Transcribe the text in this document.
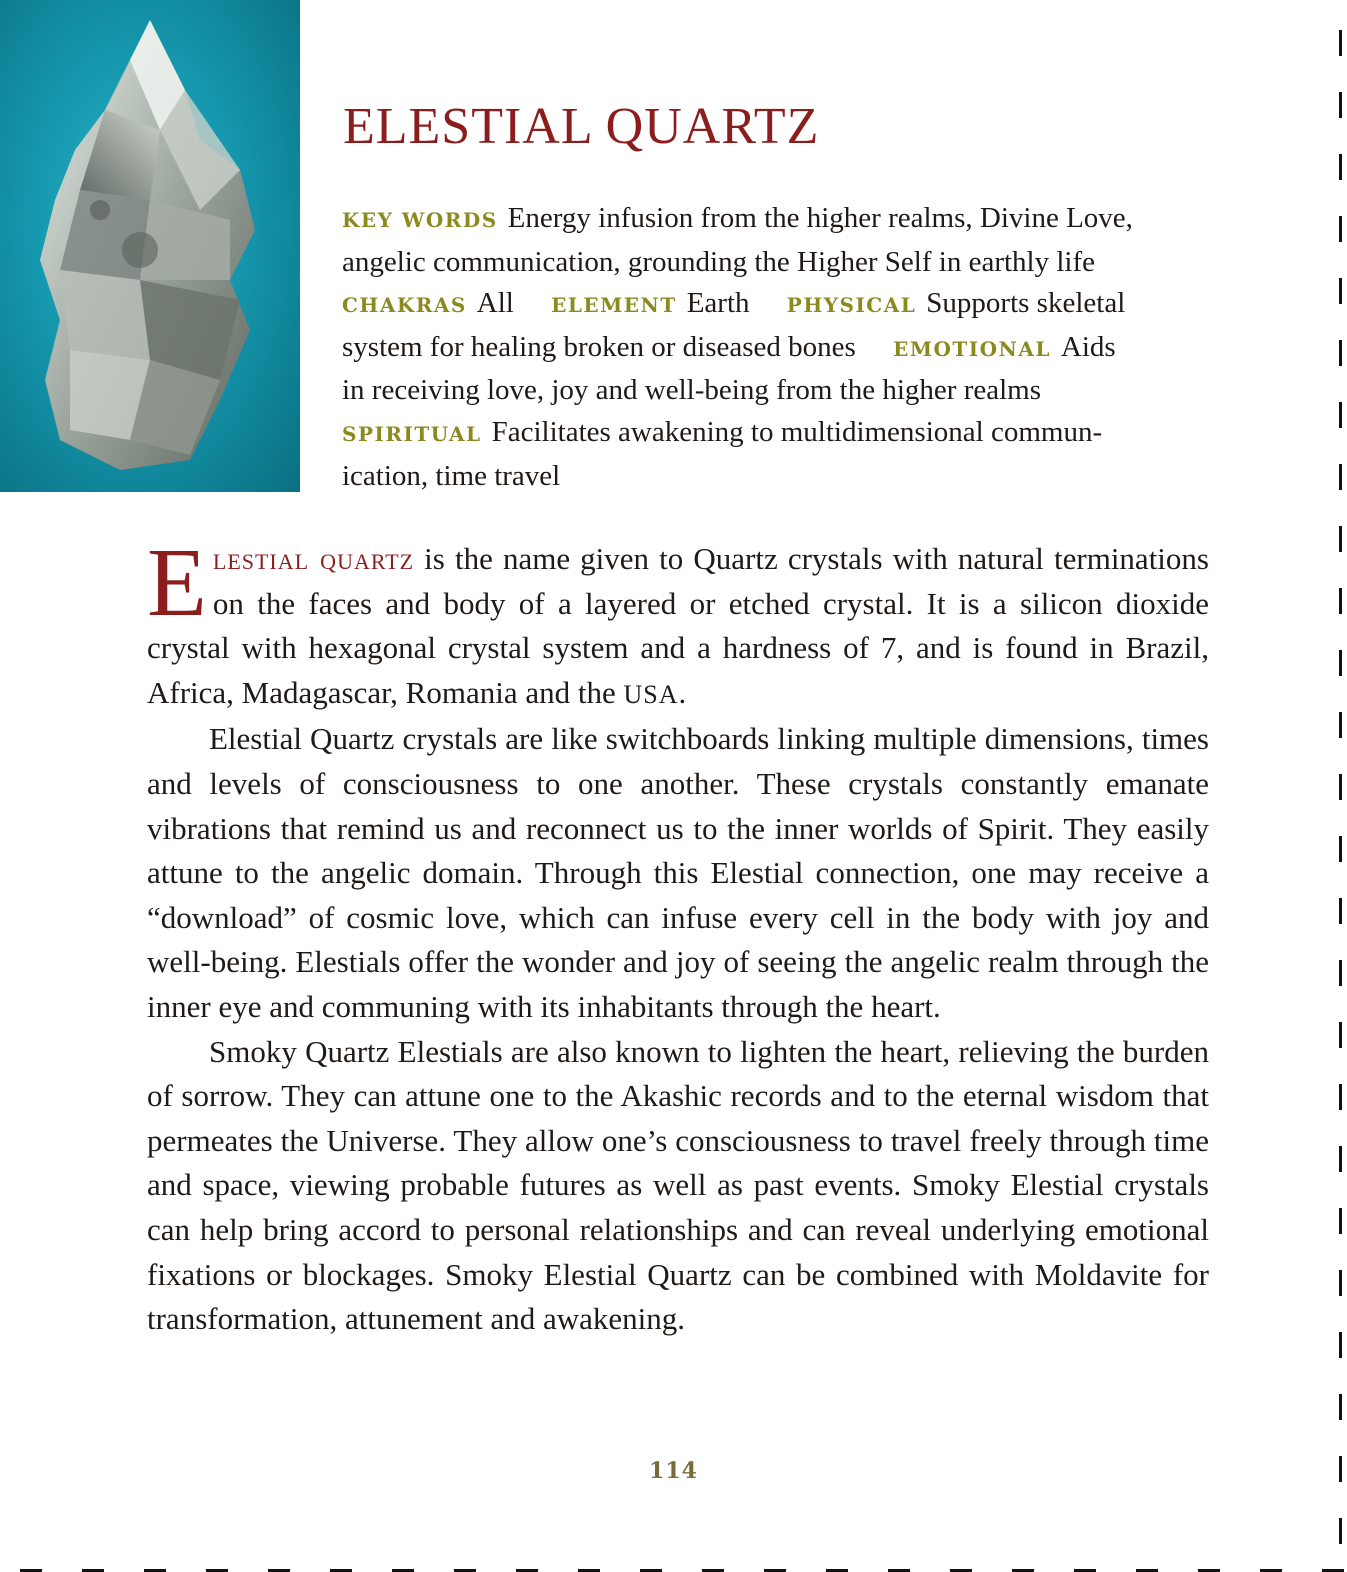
ELESTIAL QUARTZ
KEY WORDS Energy infusion from the higher realms, Divine Love,
angelic communication, grounding the Higher Self in earthly life
CHAKRAS All ELEMENT Earth PHYSICAL Supports skeletal
system for healing broken or diseased bones EMOTIONAL Aids
in receiving love, joy and well-being from the higher realms
SPIRITUAL Facilitates awakening to multidimensional commun-
ication, time travel

Elestial quartz is the name given to Quartz crystals with natural terminations on the faces and body of a layered or etched crystal. It is a silicon dioxide crystal with hexagonal crystal system and a hardness of 7, and is found in Brazil, Africa, Madagascar, Romania and the USA.

Elestial Quartz crystals are like switchboards linking multiple dimensions, times and levels of consciousness to one another. These crystals constantly emanate vibrations that remind us and reconnect us to the inner worlds of Spirit. They easily attune to the angelic domain. Through this Elestial connection, one may receive a “download” of cosmic love, which can infuse every cell in the body with joy and well-being. Elestials offer the wonder and joy of seeing the angelic realm through the inner eye and communing with its inhabitants through the heart.

Smoky Quartz Elestials are also known to lighten the heart, relieving the burden of sorrow. They can attune one to the Akashic records and to the eternal wisdom that permeates the Universe. They allow one’s consciousness to travel freely through time and space, viewing probable futures as well as past events. Smoky Elestial crystals can help bring accord to personal relationships and can reveal underlying emotional fixations or blockages. Smoky Elestial Quartz can be combined with Moldavite for transformation, attunement and awakening.

114
